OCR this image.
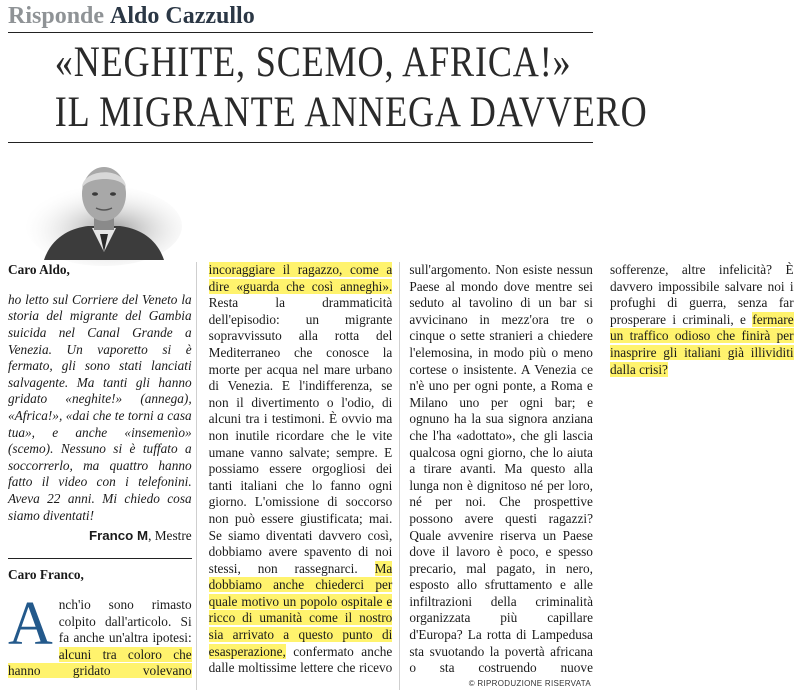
Risponde Aldo Cazzullo
«NEGHITE, SCEMO, AFRICA!»
IL MIGRANTE ANNEGA DAVVERO

Caro Aldo,

ho letto sul Corriere del Veneto la storia del migrante del Gambia suicida nel Canal Grande a Venezia. Un vaporetto si è fermato, gli sono stati lanciati salvagente. Ma tanti gli hanno gridato «neghite!» (annega), «Africa!», «dai che te torni a casa tua», e anche «insemenìo» (scemo). Nessuno si è tuffato a soccorrerlo, ma quattro hanno fatto il video con i telefonini. Aveva 22 anni. Mi chiedo cosa siamo diventati!

Franco M, Mestre

Caro Franco,

Anch'io sono rimasto colpito dall'articolo. Si fa anche un'altra ipotesi: alcuni tra coloro che hanno gridato volevano incoraggiare il ragazzo, come a dire «guarda che così anneghi». Resta la drammaticità dell'episodio: un migrante sopravvissuto alla rotta del Mediterraneo che conosce la morte per acqua nel mare urbano di Venezia. E l'indifferenza, se non il divertimento o l'odio, di alcuni tra i testimoni. È ovvio ma non inutile ricordare che le vite umane vanno salvate; sempre. E possiamo essere orgogliosi dei tanti italiani che lo fanno ogni giorno. L'omissione di soccorso non può essere giustificata; mai. Se siamo diventati davvero così, dobbiamo avere spavento di noi stessi, non rassegnarci. Ma dobbiamo anche chiederci per quale motivo un popolo ospitale e ricco di umanità come il nostro sia arrivato a questo punto di esasperazione, confermato anche dalle moltissime lettere che ricevo sull'argomento. Non esiste nessun Paese al mondo dove mentre sei seduto al tavolino di un bar si avvicinano in mezz'ora tre o cinque o sette stranieri a chiedere l'elemosina, in modo più o meno cortese o insistente. A Venezia ce n'è uno per ogni ponte, a Roma e Milano uno per ogni bar; e ognuno ha la sua signora anziana che l'ha «adottato», che gli lascia qualcosa ogni giorno, che lo aiuta a tirare avanti. Ma questo alla lunga non è dignitoso né per loro, né per noi. Che prospettive possono avere questi ragazzi? Quale avvenire riserva un Paese dove il lavoro è poco, e spesso precario, mal pagato, in nero, esposto allo sfruttamento e alle infiltrazioni della criminalità organizzata più capillare d'Europa? La rotta di Lampedusa sta svuotando la povertà africana o sta costruendo nuove sofferenze, altre infelicità? È davvero impossibile salvare noi i profughi di guerra, senza far prosperare i criminali, e fermare un traffico odioso che finirà per inasprire gli italiani già illividiti dalla crisi?

© RIPRODUZIONE RISERVATA
